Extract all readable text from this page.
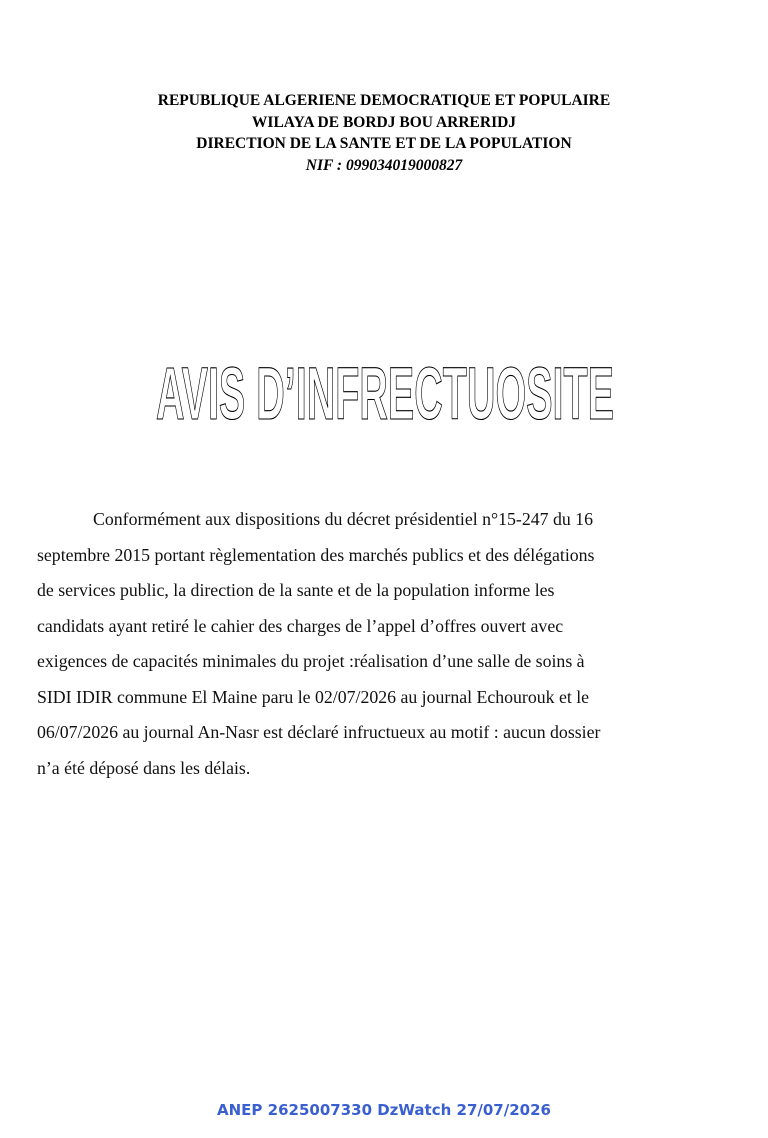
REPUBLIQUE ALGERIENE DEMOCRATIQUE ET POPULAIRE
WILAYA DE BORDJ BOU ARRERIDJ
DIRECTION DE LA SANTE ET DE LA POPULATION
NIF : 099034019000827
AVIS D’INFRECTUOSITE
Conformément aux dispositions du décret présidentiel n°15-247 du 16
septembre 2015 portant règlementation des marchés publics et des délégations
de services public, la direction de la sante et de la population informe les
candidats ayant retiré le cahier des charges de l’appel d’offres ouvert avec
exigences de capacités minimales du projet :réalisation d’une salle de soins à
SIDI IDIR commune El Maine paru le 02/07/2026 au journal Echourouk et le
06/07/2026 au journal An-Nasr est déclaré infructueux au motif : aucun dossier
n’a été déposé dans les délais.
ANEP 2625007330 DzWatch 27/07/2026
